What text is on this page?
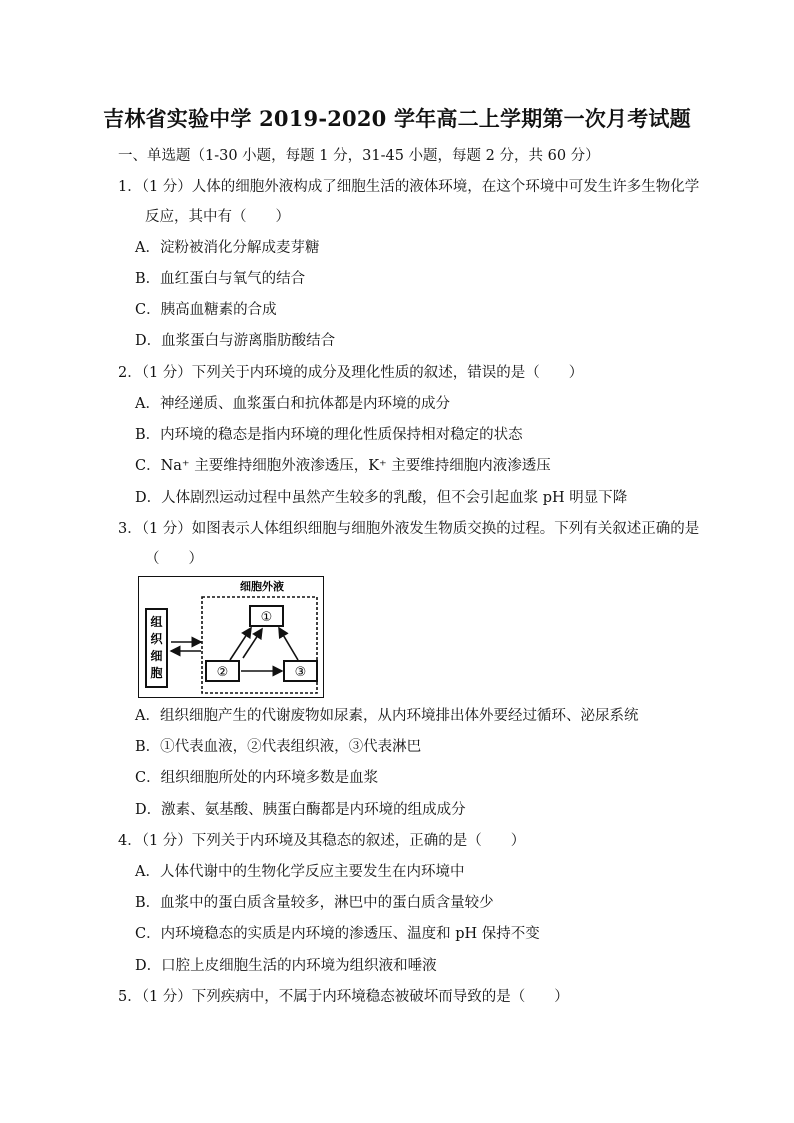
吉林省实验中学 2019-2020 学年高二上学期第一次月考试题
一、单选题（1-30 小题，每题 1 分，31-45 小题，每题 2 分，共 60 分）
1．（1 分）人体的细胞外液构成了细胞生活的液体环境，在这个环境中可发生许多生物化学
反应，其中有（　　）
A．淀粉被消化分解成麦芽糖
B．血红蛋白与氧气的结合
C．胰高血糖素的合成
D．血浆蛋白与游离脂肪酸结合
2．（1 分）下列关于内环境的成分及理化性质的叙述，错误的是（　　）
A．神经递质、血浆蛋白和抗体都是内环境的成分
B．内环境的稳态是指内环境的理化性质保持相对稳定的状态
C．Na⁺ 主要维持细胞外液渗透压，K⁺ 主要维持细胞内液渗透压
D．人体剧烈运动过程中虽然产生较多的乳酸，但不会引起血浆 pH 明显下降
3．（1 分）如图表示人体组织细胞与细胞外液发生物质交换的过程。下列有关叙述正确的是
（　　）
细胞外液
组
织
细
胞
①
②	③
A．组织细胞产生的代谢废物如尿素，从内环境排出体外要经过循环、泌尿系统
B．①代表血液，②代表组织液，③代表淋巴
C．组织细胞所处的内环境多数是血浆
D．激素、氨基酸、胰蛋白酶都是内环境的组成成分
4．（1 分）下列关于内环境及其稳态的叙述，正确的是（　　）
A．人体代谢中的生物化学反应主要发生在内环境中
B．血浆中的蛋白质含量较多，淋巴中的蛋白质含量较少
C．内环境稳态的实质是内环境的渗透压、温度和 pH 保持不变
D．口腔上皮细胞生活的内环境为组织液和唾液
5．（1 分）下列疾病中，不属于内环境稳态被破坏而导致的是（　　）
